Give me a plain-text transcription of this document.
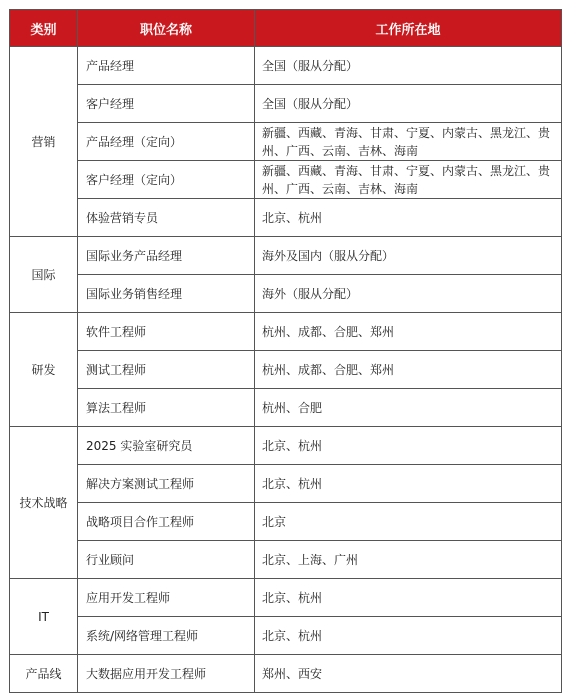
类别	职位名称	工作所在地
营销	产品经理	全国（服从分配）
	客户经理	全国（服从分配）
	产品经理（定向）	新疆、西藏、青海、甘肃、宁夏、内蒙古、黑龙江、贵州、广西、云南、吉林、海南
	客户经理（定向）	新疆、西藏、青海、甘肃、宁夏、内蒙古、黑龙江、贵州、广西、云南、吉林、海南
	体验营销专员	北京、杭州
国际	国际业务产品经理	海外及国内（服从分配）
	国际业务销售经理	海外（服从分配）
研发	软件工程师	杭州、成都、合肥、郑州
	测试工程师	杭州、成都、合肥、郑州
	算法工程师	杭州、合肥
技术战略	2025 实验室研究员	北京、杭州
	解决方案测试工程师	北京、杭州
	战略项目合作工程师	北京
	行业顾问	北京、上海、广州
IT	应用开发工程师	北京、杭州
	系统/网络管理工程师	北京、杭州
产品线	大数据应用开发工程师	郑州、西安
